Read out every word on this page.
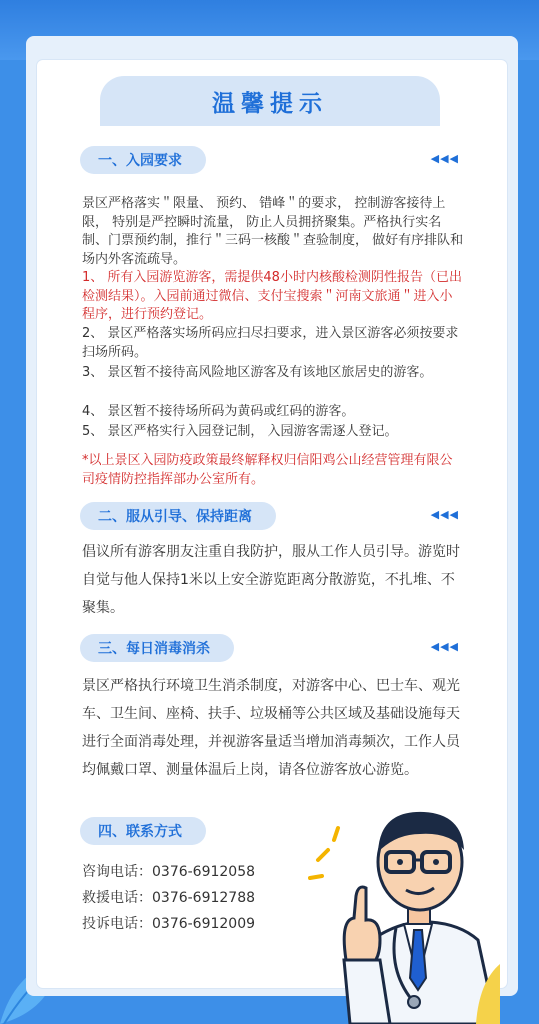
温馨提示
一、入园要求	◀◀◀
景区严格落实＂限量、 预约、 错峰＂的要求， 控制游客接待上限， 特别是严控瞬时流量， 防止人员拥挤聚集。严格执行实名制、门票预约制，推行＂三码一核酸＂查验制度， 做好有序排队和场内外客流疏导。
1、 所有入园游览游客，需提供48小时内核酸检测阴性报告（已出检测结果）。入园前通过微信、支付宝搜索＂河南文旅通＂进入小程序，进行预约登记。
2、 景区严格落实场所码应扫尽扫要求，进入景区游客必须按要求扫场所码。
3、 景区暂不接待高风险地区游客及有该地区旅居史的游客。
4、 景区暂不接待场所码为黄码或红码的游客。
5、 景区严格实行入园登记制， 入园游客需逐人登记。
*以上景区入园防疫政策最终解释权归信阳鸡公山经营管理有限公司疫情防控指挥部办公室所有。
二、服从引导、保持距离	◀◀◀
倡议所有游客朋友注重自我防护，服从工作人员引导。游览时自觉与他人保持1米以上安全游览距离分散游览，不扎堆、不聚集。
三、每日消毒消杀	◀◀◀
景区严格执行环境卫生消杀制度，对游客中心、巴士车、观光车、卫生间、座椅、扶手、垃圾桶等公共区域及基础设施每天进行全面消毒处理，并视游客量适当增加消毒频次，工作人员均佩戴口罩、测量体温后上岗，请各位游客放心游览。
四、联系方式
咨询电话：0376-6912058
救援电话：0376-6912788
投诉电话：0376-6912009
